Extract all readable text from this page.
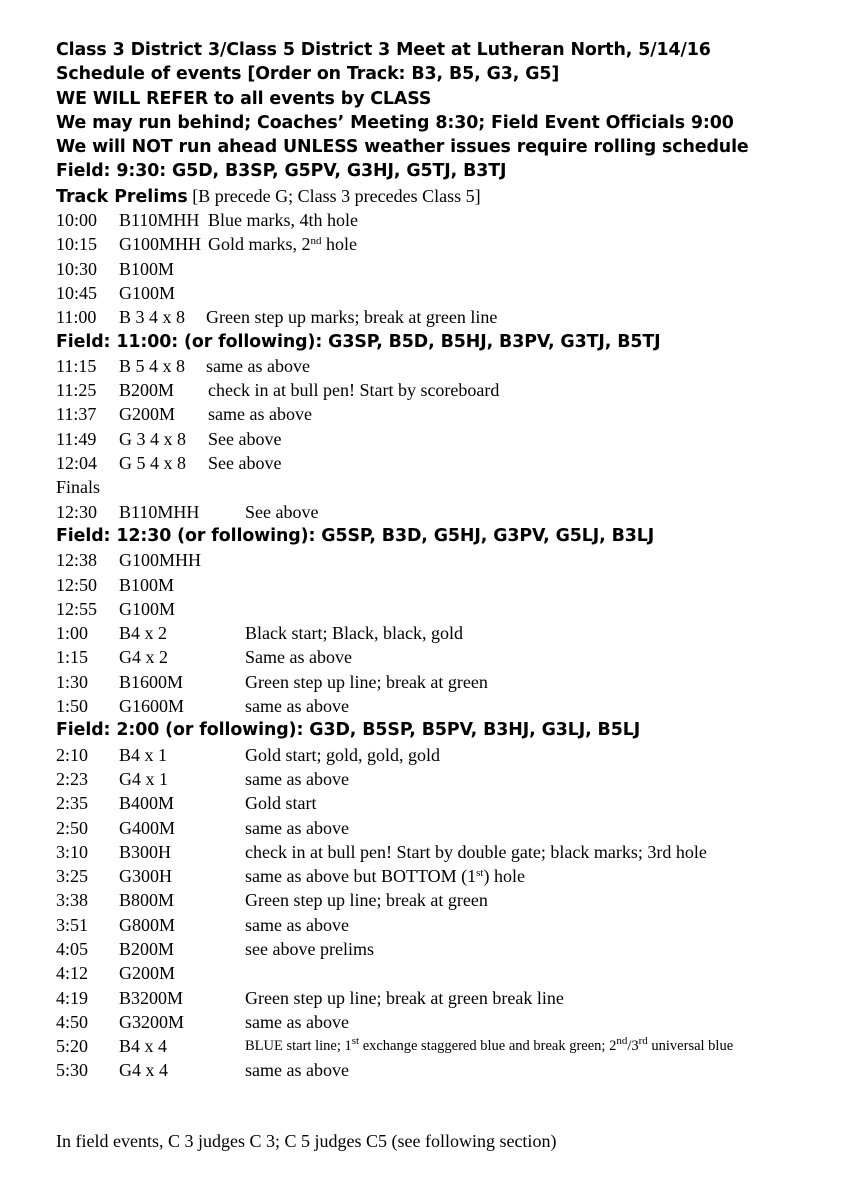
Class 3 District 3/Class 5 District 3 Meet at Lutheran North, 5/14/16
Schedule of events [Order on Track: B3, B5, G3, G5]
WE WILL REFER to all events by CLASS
We may run behind; Coaches’ Meeting 8:30; Field Event Officials 9:00
We will NOT run ahead UNLESS weather issues require rolling schedule
Field: 9:30: G5D, B3SP, G5PV, G3HJ, G5TJ, B3TJ
Track Prelims [B precede G; Class 3 precedes Class 5]
10:00 B110MHH Blue marks, 4th hole
10:15 G100MHH Gold marks, 2nd hole
10:30 B100M
10:45 G100M
11:00 B 3 4 x 8 Green step up marks; break at green line
Field: 11:00: (or following): G3SP, B5D, B5HJ, B3PV, G3TJ, B5TJ
11:15 B 5 4 x 8 same as above
11:25 B200M check in at bull pen! Start by scoreboard
11:37 G200M same as above
11:49 G 3 4 x 8 See above
12:04 G 5 4 x 8 See above
Finals
12:30 B110MHH	See above
Field: 12:30 (or following): G5SP, B3D, G5HJ, G3PV, G5LJ, B3LJ
12:38 G100MHH
12:50 B100M
12:55 G100M
1:00 B4 x 2	Black start; Black, black, gold
1:15 G4 x 2	Same as above
1:30 B1600M	Green step up line; break at green
1:50 G1600M	same as above
Field: 2:00 (or following): G3D, B5SP, B5PV, B3HJ, G3LJ, B5LJ
2:10 B4 x 1	Gold start; gold, gold, gold
2:23 G4 x 1	same as above
2:35 B400M	Gold start
2:50 G400M	same as above
3:10 B300H	check in at bull pen! Start by double gate; black marks; 3rd hole
3:25 G300H	same as above but BOTTOM (1st) hole
3:38 B800M	Green step up line; break at green
3:51 G800M	same as above
4:05 B200M	see above prelims
4:12 G200M
4:19 B3200M	Green step up line; break at green break line
4:50 G3200M	same as above
5:20 B4 x 4	BLUE start line; 1st exchange staggered blue and break green; 2nd/3rd universal blue
5:30 G4 x 4	same as above
In field events, C 3 judges C 3; C 5 judges C5 (see following section)
